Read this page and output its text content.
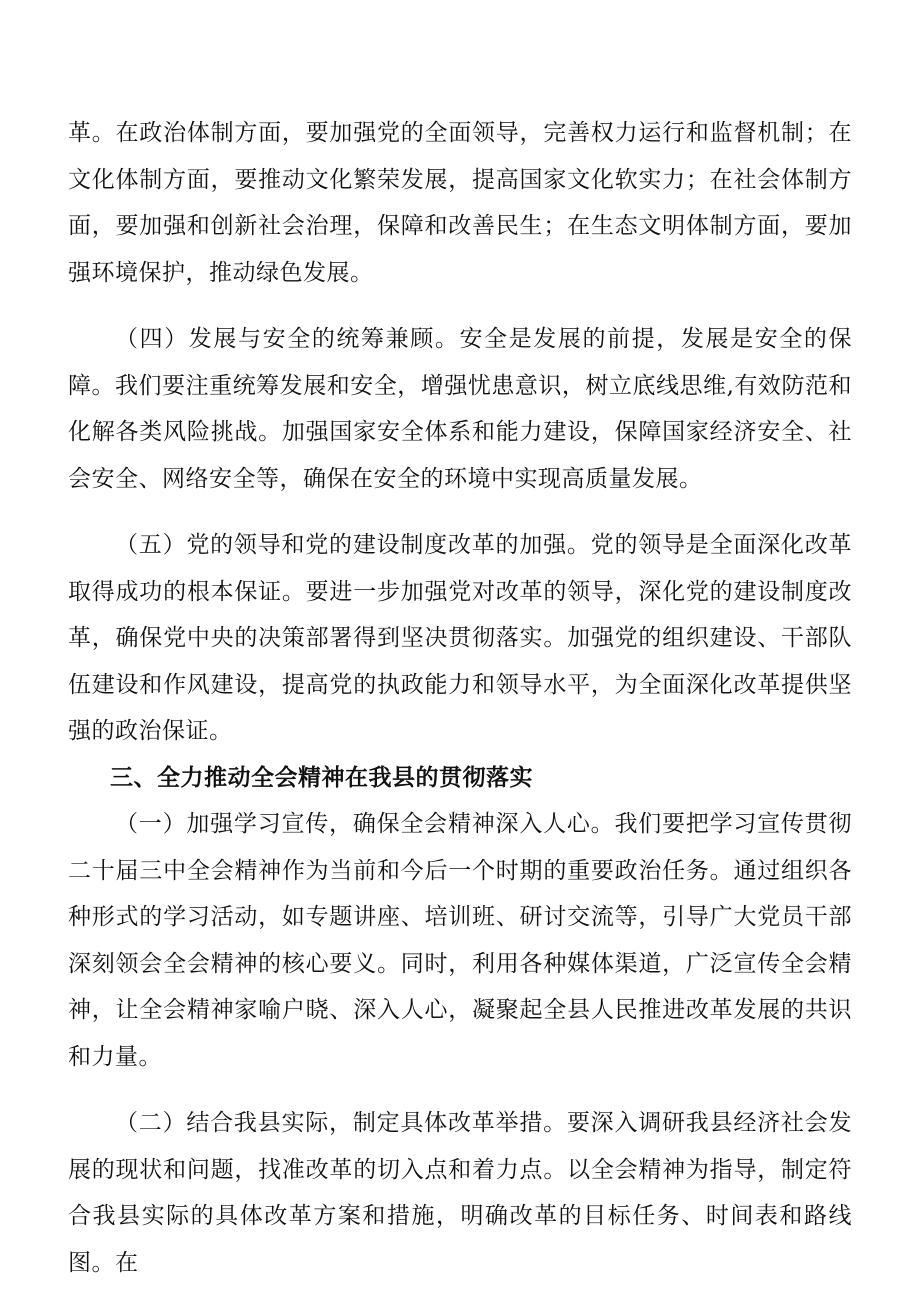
革。在政治体制方面，要加强党的全面领导，完善权力运行和监督机制；在文化体制方面，要推动文化繁荣发展，提高国家文化软实力；在社会体制方面，要加强和创新社会治理，保障和改善民生；在生态文明体制方面，要加强环境保护，推动绿色发展。

（四）发展与安全的统筹兼顾。安全是发展的前提，发展是安全的保障。我们要注重统筹发展和安全，增强忧患意识，树立底线思维,有效防范和化解各类风险挑战。加强国家安全体系和能力建设，保障国家经济安全、社会安全、网络安全等，确保在安全的环境中实现高质量发展。

（五）党的领导和党的建设制度改革的加强。党的领导是全面深化改革取得成功的根本保证。要进一步加强党对改革的领导，深化党的建设制度改革，确保党中央的决策部署得到坚决贯彻落实。加强党的组织建设、干部队伍建设和作风建设，提高党的执政能力和领导水平，为全面深化改革提供坚强的政治保证。

三、全力推动全会精神在我县的贯彻落实

（一）加强学习宣传，确保全会精神深入人心。我们要把学习宣传贯彻二十届三中全会精神作为当前和今后一个时期的重要政治任务。通过组织各种形式的学习活动，如专题讲座、培训班、研讨交流等，引导广大党员干部深刻领会全会精神的核心要义。同时，利用各种媒体渠道，广泛宣传全会精神，让全会精神家喻户晓、深入人心，凝聚起全县人民推进改革发展的共识和力量。

（二）结合我县实际，制定具体改革举措。要深入调研我县经济社会发展的现状和问题，找准改革的切入点和着力点。以全会精神为指导，制定符合我县实际的具体改革方案和措施，明确改革的目标任务、时间表和路线图。在
